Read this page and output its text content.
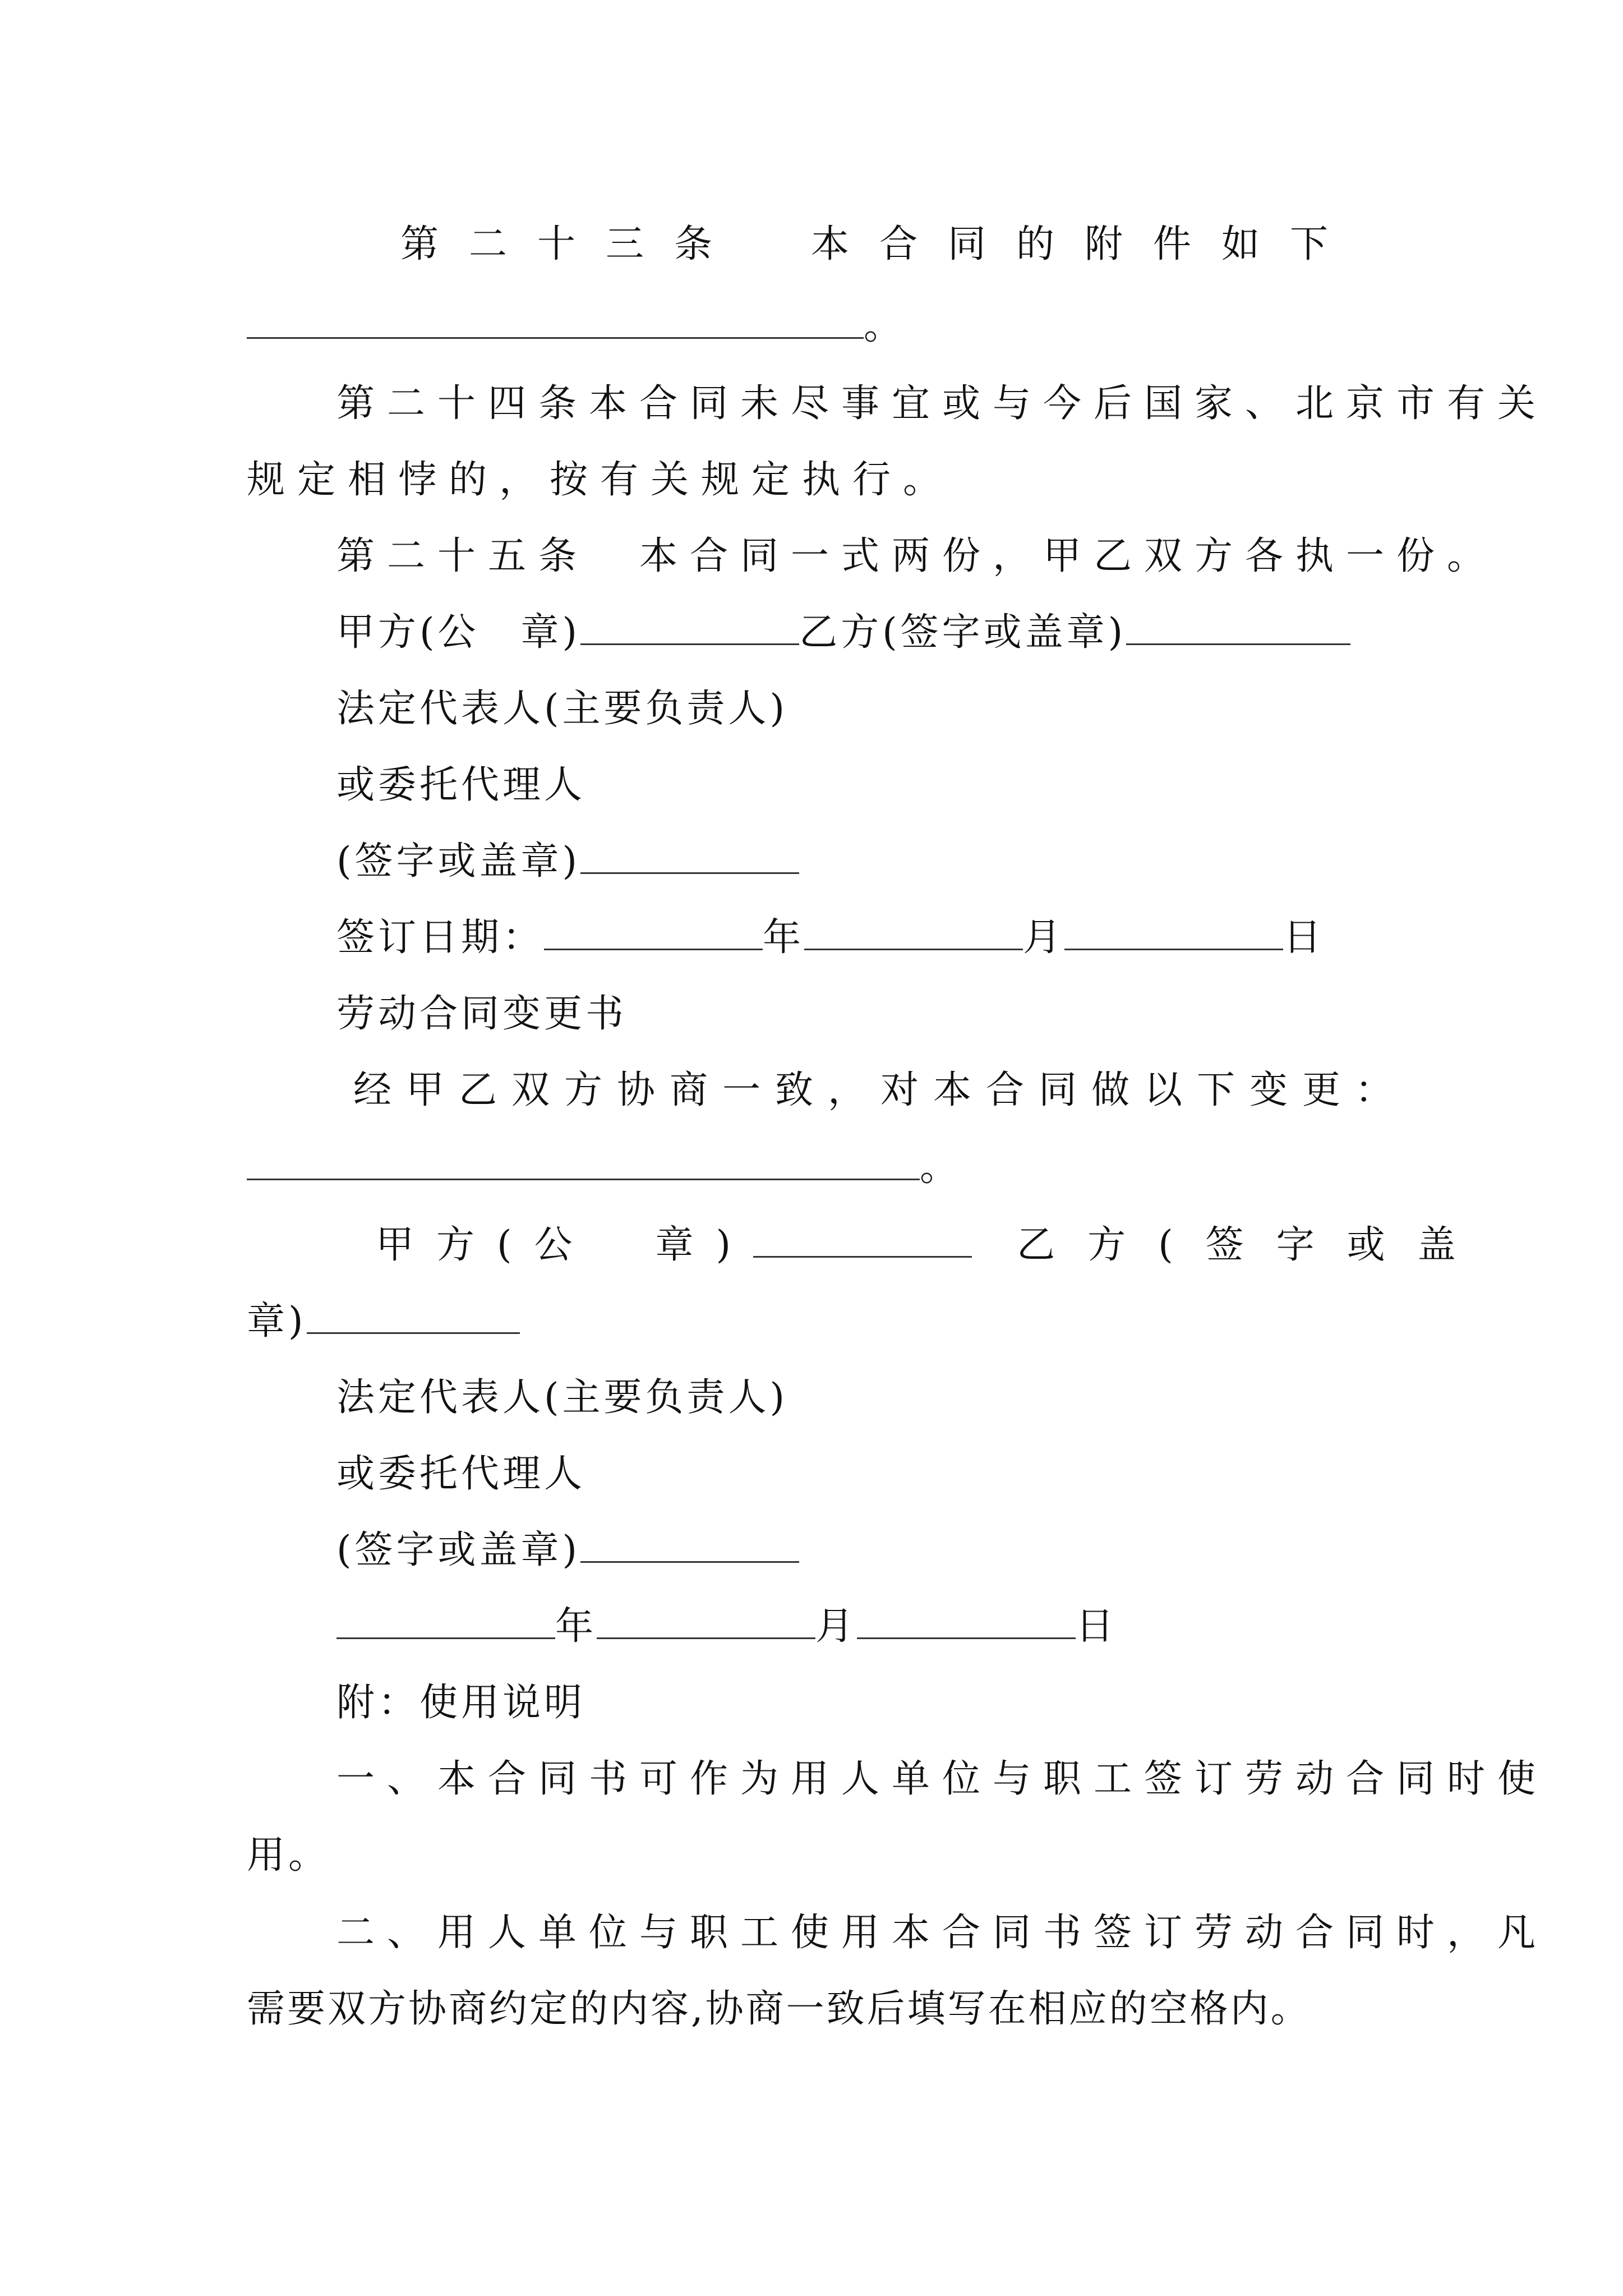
第二十三条　本合同的附件如下
。
第二十四条本合同未尽事宜或与今后国家、北京市有关
规定相悖的，按有关规定执行。
第二十五条　本合同一式两份，甲乙双方各执一份。
甲方(公　章)	乙方(签字或盖章)
法定代表人(主要负责人)
或委托代理人
(签字或盖章)
签订日期：	年	月	日
劳动合同变更书
经甲乙双方协商一致，对本合同做以下变更：
。
甲方(公　章)	乙方(签字或盖
章)
法定代表人(主要负责人)
或委托代理人
(签字或盖章)
年	月	日
附：使用说明
一、本合同书可作为用人单位与职工签订劳动合同时使
用。
二、用人单位与职工使用本合同书签订劳动合同时，凡
需要双方协商约定的内容,协商一致后填写在相应的空格内。
